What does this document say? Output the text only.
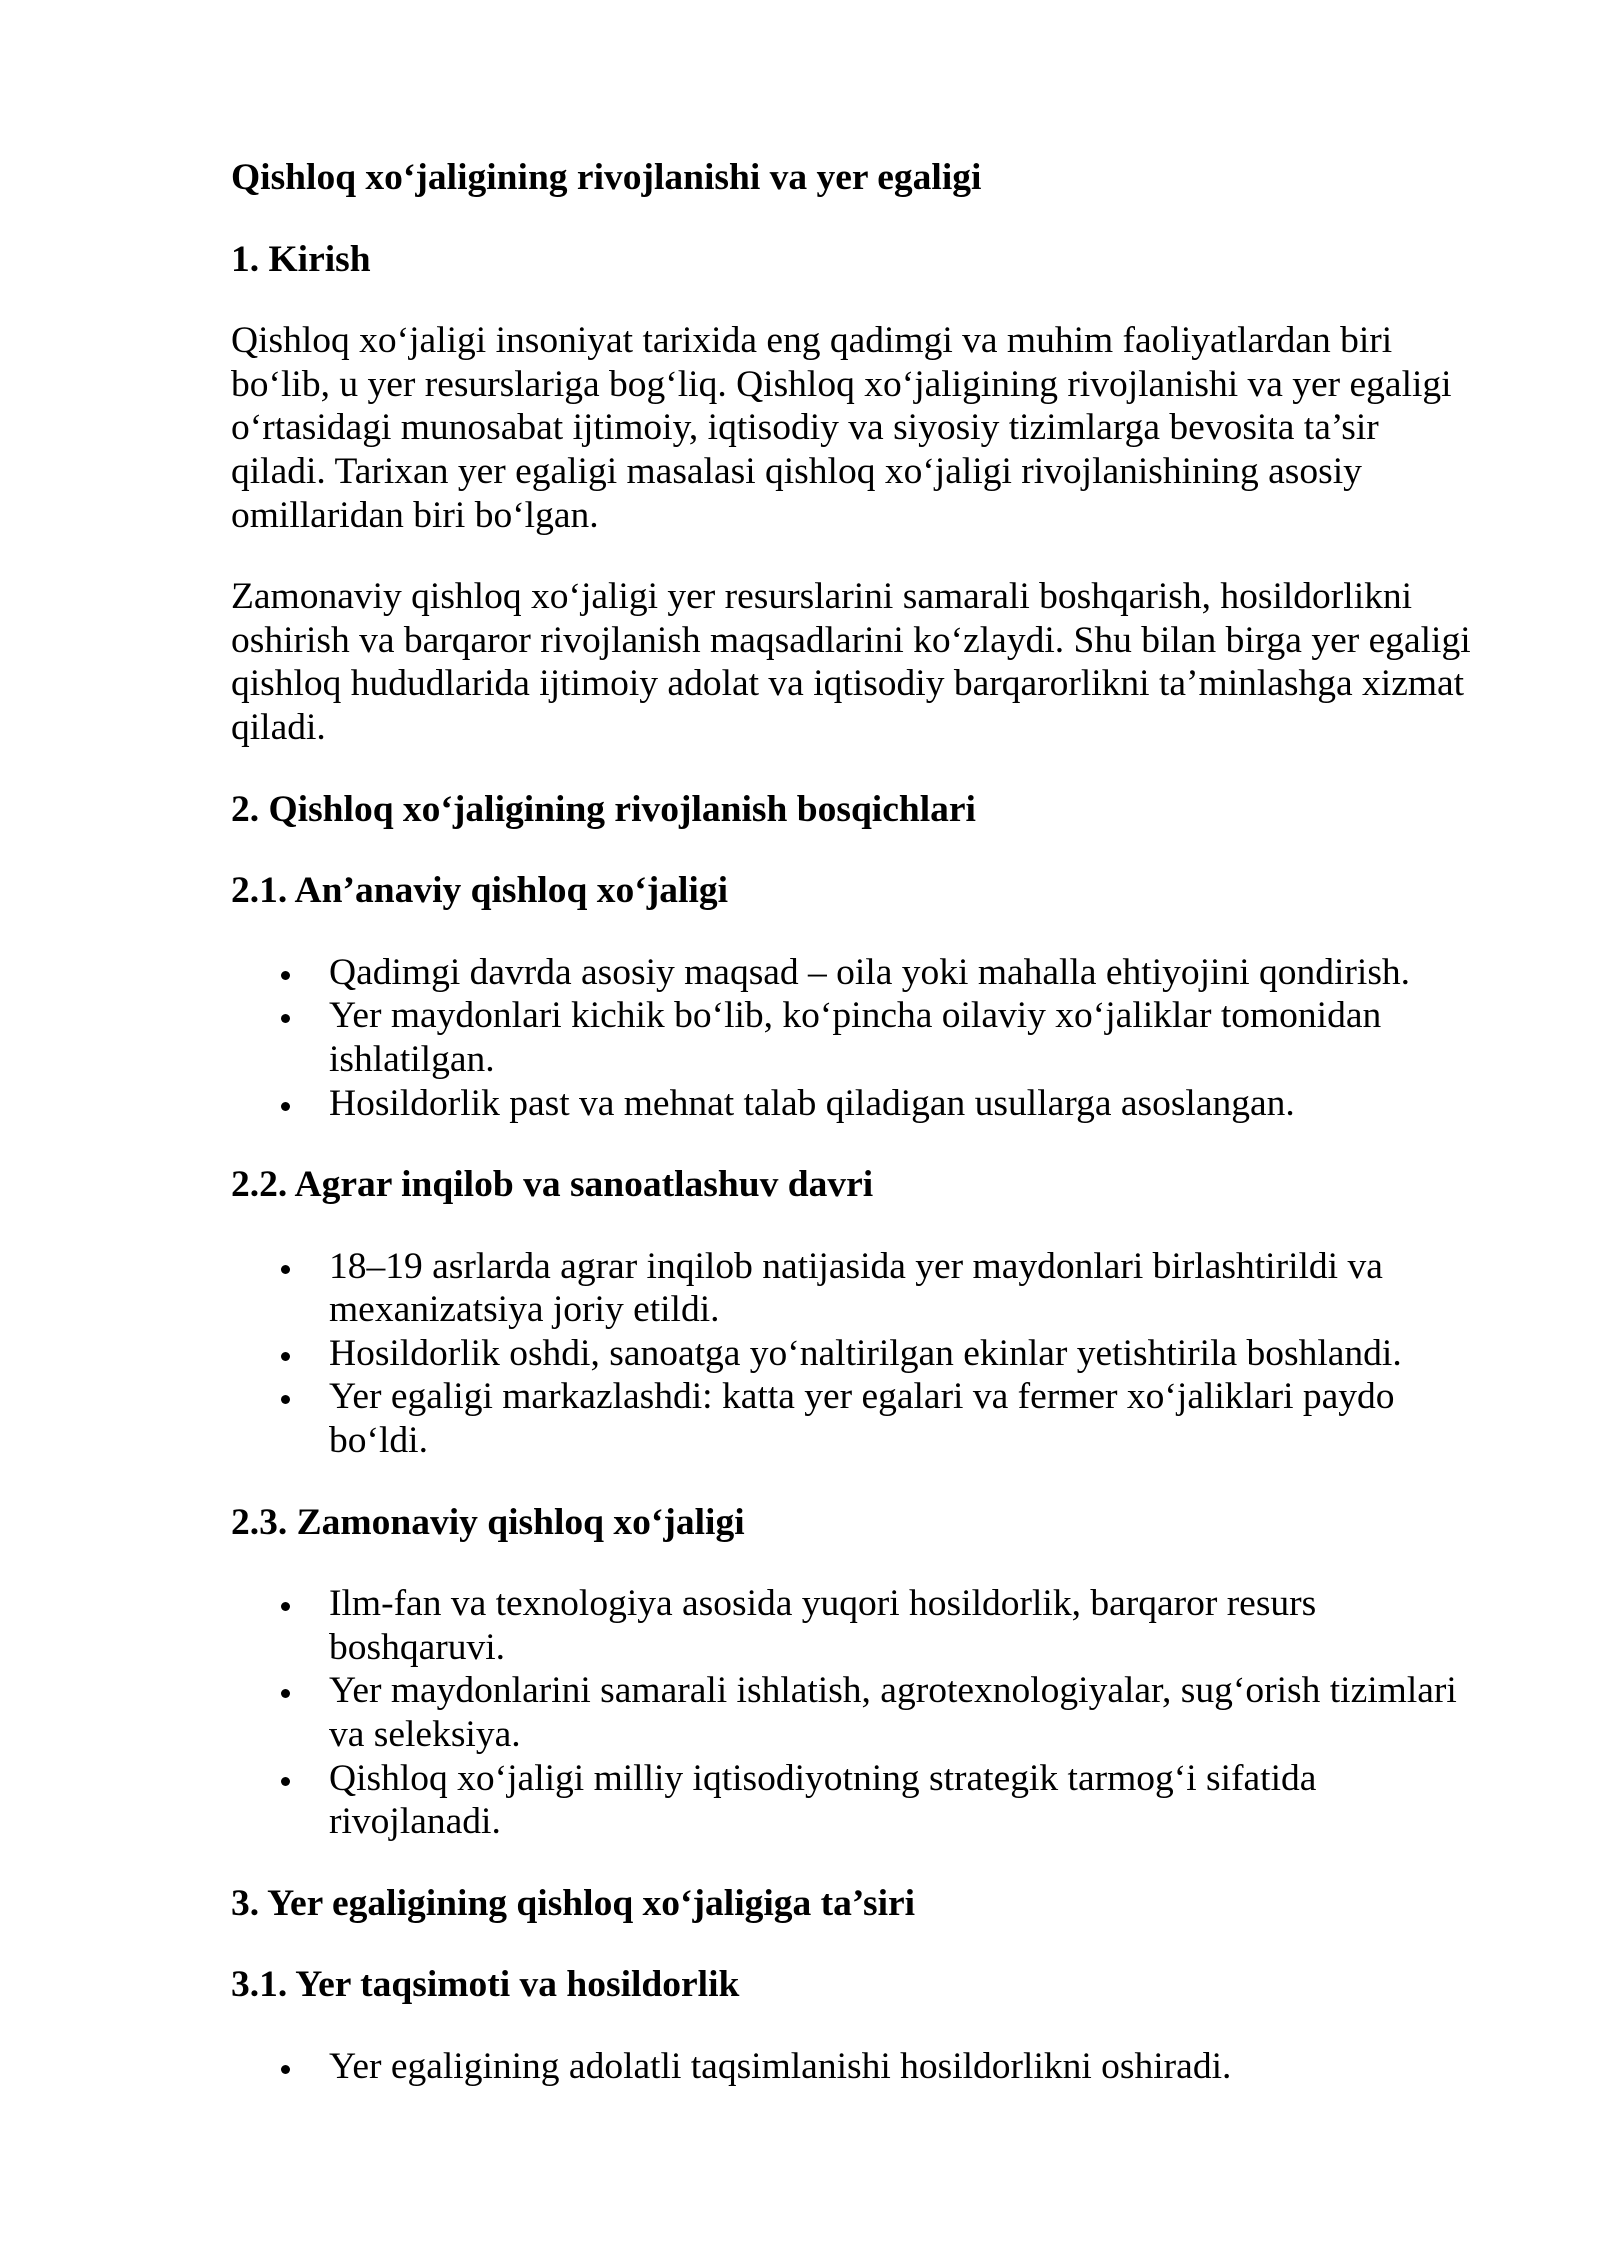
Qishloq xo‘jaligining rivojlanishi va yer egaligi
1. Kirish
Qishloq xo‘jaligi insoniyat tarixida eng qadimgi va muhim faoliyatlardan biri
bo‘lib, u yer resurslariga bog‘liq. Qishloq xo‘jaligining rivojlanishi va yer egaligi
o‘rtasidagi munosabat ijtimoiy, iqtisodiy va siyosiy tizimlarga bevosita ta’sir
qiladi. Tarixan yer egaligi masalasi qishloq xo‘jaligi rivojlanishining asosiy
omillaridan biri bo‘lgan.
Zamonaviy qishloq xo‘jaligi yer resurslarini samarali boshqarish, hosildorlikni
oshirish va barqaror rivojlanish maqsadlarini ko‘zlaydi. Shu bilan birga yer egaligi
qishloq hududlarida ijtimoiy adolat va iqtisodiy barqarorlikni ta’minlashga xizmat
qiladi.
2. Qishloq xo‘jaligining rivojlanish bosqichlari
2.1. An’anaviy qishloq xo‘jaligi
Qadimgi davrda asosiy maqsad – oila yoki mahalla ehtiyojini qondirish.
Yer maydonlari kichik bo‘lib, ko‘pincha oilaviy xo‘jaliklar tomonidan
ishlatilgan.
Hosildorlik past va mehnat talab qiladigan usullarga asoslangan.
2.2. Agrar inqilob va sanoatlashuv davri
18–19 asrlarda agrar inqilob natijasida yer maydonlari birlashtirildi va
mexanizatsiya joriy etildi.
Hosildorlik oshdi, sanoatga yo‘naltirilgan ekinlar yetishtirila boshlandi.
Yer egaligi markazlashdi: katta yer egalari va fermer xo‘jaliklari paydo
bo‘ldi.
2.3. Zamonaviy qishloq xo‘jaligi
Ilm-fan va texnologiya asosida yuqori hosildorlik, barqaror resurs
boshqaruvi.
Yer maydonlarini samarali ishlatish, agrotexnologiyalar, sug‘orish tizimlari
va seleksiya.
Qishloq xo‘jaligi milliy iqtisodiyotning strategik tarmog‘i sifatida
rivojlanadi.
3. Yer egaligining qishloq xo‘jaligiga ta’siri
3.1. Yer taqsimoti va hosildorlik
Yer egaligining adolatli taqsimlanishi hosildorlikni oshiradi.
